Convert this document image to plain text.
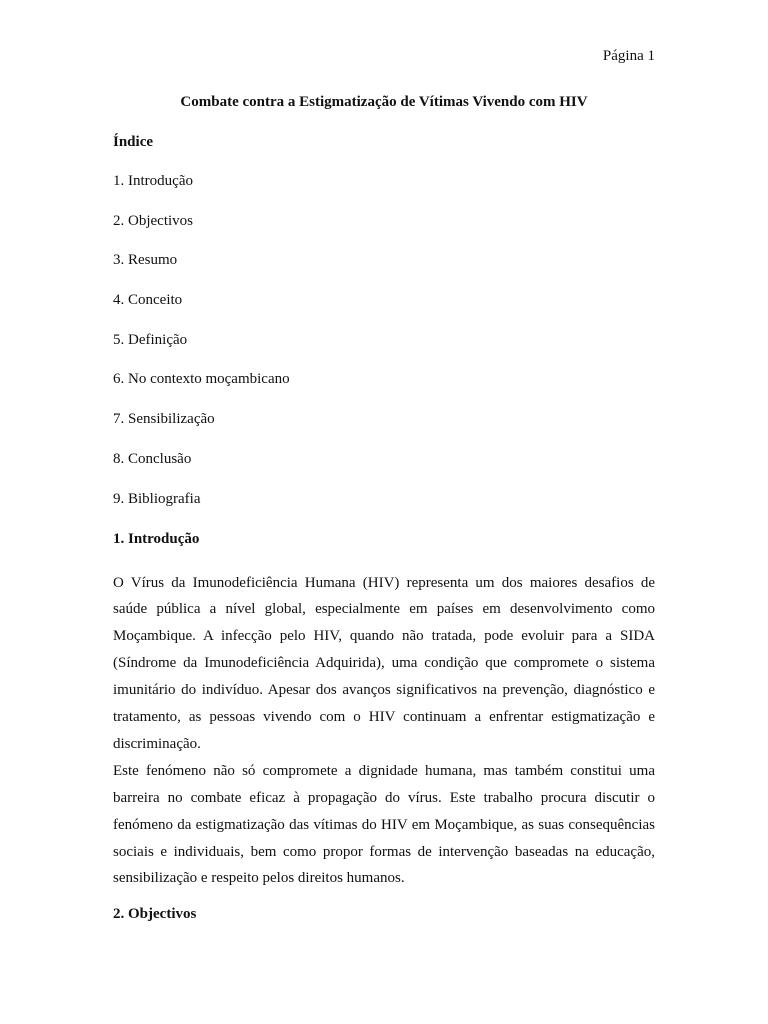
Página 1
Combate contra a Estigmatização de Vítimas Vivendo com HIV
Índice
1. Introdução
2. Objectivos
3. Resumo
4. Conceito
5. Definição
6. No contexto moçambicano
7. Sensibilização
8. Conclusão
9. Bibliografia
1. Introdução

O Vírus da Imunodeficiência Humana (HIV) representa um dos maiores desafios de saúde pública a nível global, especialmente em países em desenvolvimento como Moçambique. A infecção pelo HIV, quando não tratada, pode evoluir para a SIDA (Síndrome da Imunodeficiência Adquirida), uma condição que compromete o sistema imunitário do indivíduo. Apesar dos avanços significativos na prevenção, diagnóstico e tratamento, as pessoas vivendo com o HIV continuam a enfrentar estigmatização e discriminação.

Este fenómeno não só compromete a dignidade humana, mas também constitui uma barreira no combate eficaz à propagação do vírus. Este trabalho procura discutir o fenómeno da estigmatização das vítimas do HIV em Moçambique, as suas consequências sociais e individuais, bem como propor formas de intervenção baseadas na educação, sensibilização e respeito pelos direitos humanos.

2. Objectivos
